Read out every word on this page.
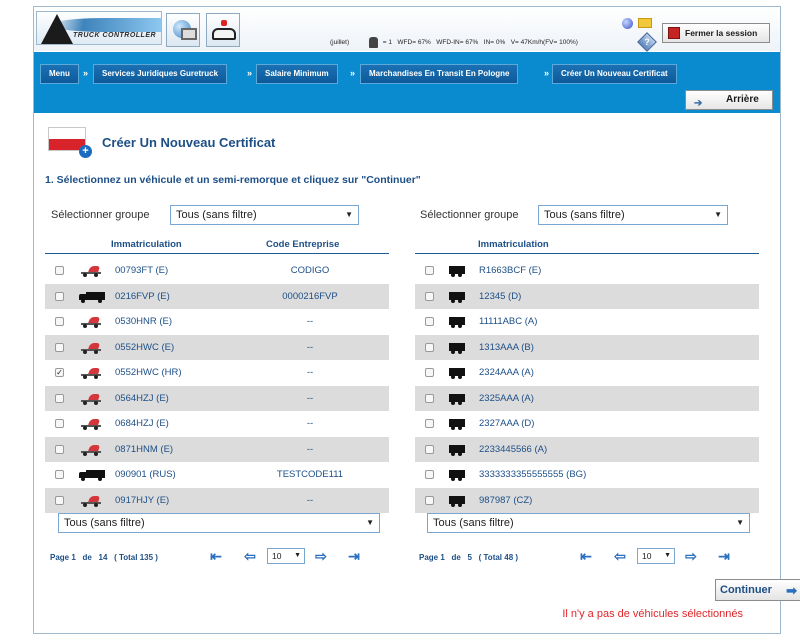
TRUCK CONTROLLER
(juillet)	= 1 WFD= 67% WFD-IN= 67% IN= 0% V= 47Km/h(FV= 100%)	?
Fermer la session
Menu	»	Services Juridiques Guretruck	»	Salaire Minimum	»	Marchandises En Transit En Pologne	»	Créer Un Nouveau Certificat
➔ Arrière
+
Créer Un Nouveau Certificat
1. Sélectionnez un véhicule et un semi-remorque et cliquez sur "Continuer"
Sélectionner groupe	Tous (sans filtre)	▼	Sélectionner groupe	Tous (sans filtre)	▼
Immatriculation	Code Entreprise
00793FT (E)	CODIGO
0216FVP (E)	0000216FVP
0530HNR (E)	--
0552HWC (E)	--
✓	0552HWC (HR)	--
0564HZJ (E)	--
0684HZJ (E)	--
0871HNM (E)	--
090901 (RUS)	TESTCODE111
0917HJY (E)	--
Immatriculation
R1663BCF (E)
12345 (D)
11111ABC (A)
1313AAA (B)
2324AAA (A)
2325AAA (A)
2327AAA (D)
2233445566 (A)
3333333355555555 (BG)
987987 (CZ)
Tous (sans filtre)	▼	Tous (sans filtre)	▼
Page 1 de 14 ( Total 135 )	⇤ ⇦	10 ▼ ⇨ ⇥	Page 1 de 5 ( Total 48 )	⇤ ⇦	10 ▼ ⇨ ⇥
Continuer ➡
Il n'y a pas de véhicules sélectionnés
